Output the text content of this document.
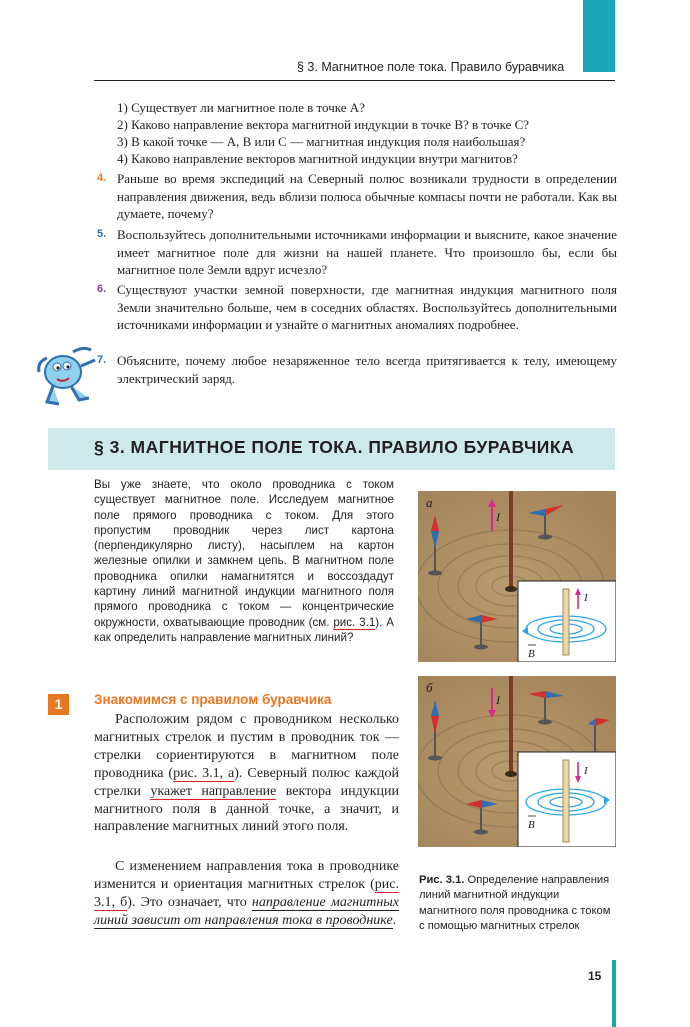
§ 3. Магнитное поле тока. Правило буравчика
1) Существует ли магнитное поле в точке A?
2) Каково направление вектора магнитной индукции в точке B? в точке C?
3) В какой точке — A, B или C — магнитная индукция поля наибольшая?
4) Каково направление векторов магнитной индукции внутри магнитов?
4. Раньше во время экспедиций на Северный полюс возникали трудности в определении направления движения, ведь вблизи полюса обычные компасы почти не работали. Как вы думаете, почему?
5. Воспользуйтесь дополнительными источниками информации и выясните, какое значение имеет магнитное поле для жизни на нашей планете. Что произошло бы, если бы магнитное поле Земли вдруг исчезло?
6. Существуют участки земной поверхности, где магнитная индукция магнитного поля Земли значительно больше, чем в соседних областях. Воспользуйтесь дополнительными источниками информации и узнайте о магнитных аномалиях подробнее.
7. Объясните, почему любое незаряженное тело всегда притягивается к телу, имеющему электрический заряд.
§ 3. МАГНИТНОЕ ПОЛЕ ТОКА. ПРАВИЛО БУРАВЧИКА
Вы уже знаете, что около проводника с током существует магнитное поле. Исследуем магнитное поле прямого проводника с током. Для этого пропустим проводник через лист картона (перпендикулярно листу), насыплем на картон железные опилки и замкнем цепь. В магнитном поле проводника опилки намагнитятся и воссоздадут картину линий магнитной индукции магнитного поля прямого проводника с током — концентрические окружности, охватывающие проводник (см. рис. 3.1). А как определить направление магнитных линий?
1	Знакомимся с правилом буравчика
Расположим рядом с проводником несколько магнитных стрелок и пустим в проводник ток — стрелки сориентируются в магнитном поле проводника (рис. 3.1, а). Северный полюс каждой стрелки укажет направление вектора индукции магнитного поля в данной точке, а значит, и направление магнитных линий этого поля.
С изменением направления тока в проводнике изменится и ориентация магнитных стрелок (рис. 3.1, б). Это означает, что направление магнитных линий зависит от направления тока в проводнике.
а
I
I
B
б
I
I
B
Рис. 3.1. Определение направления линий магнитной индукции магнитного поля проводника с током с помощью магнитных стрелок
15
